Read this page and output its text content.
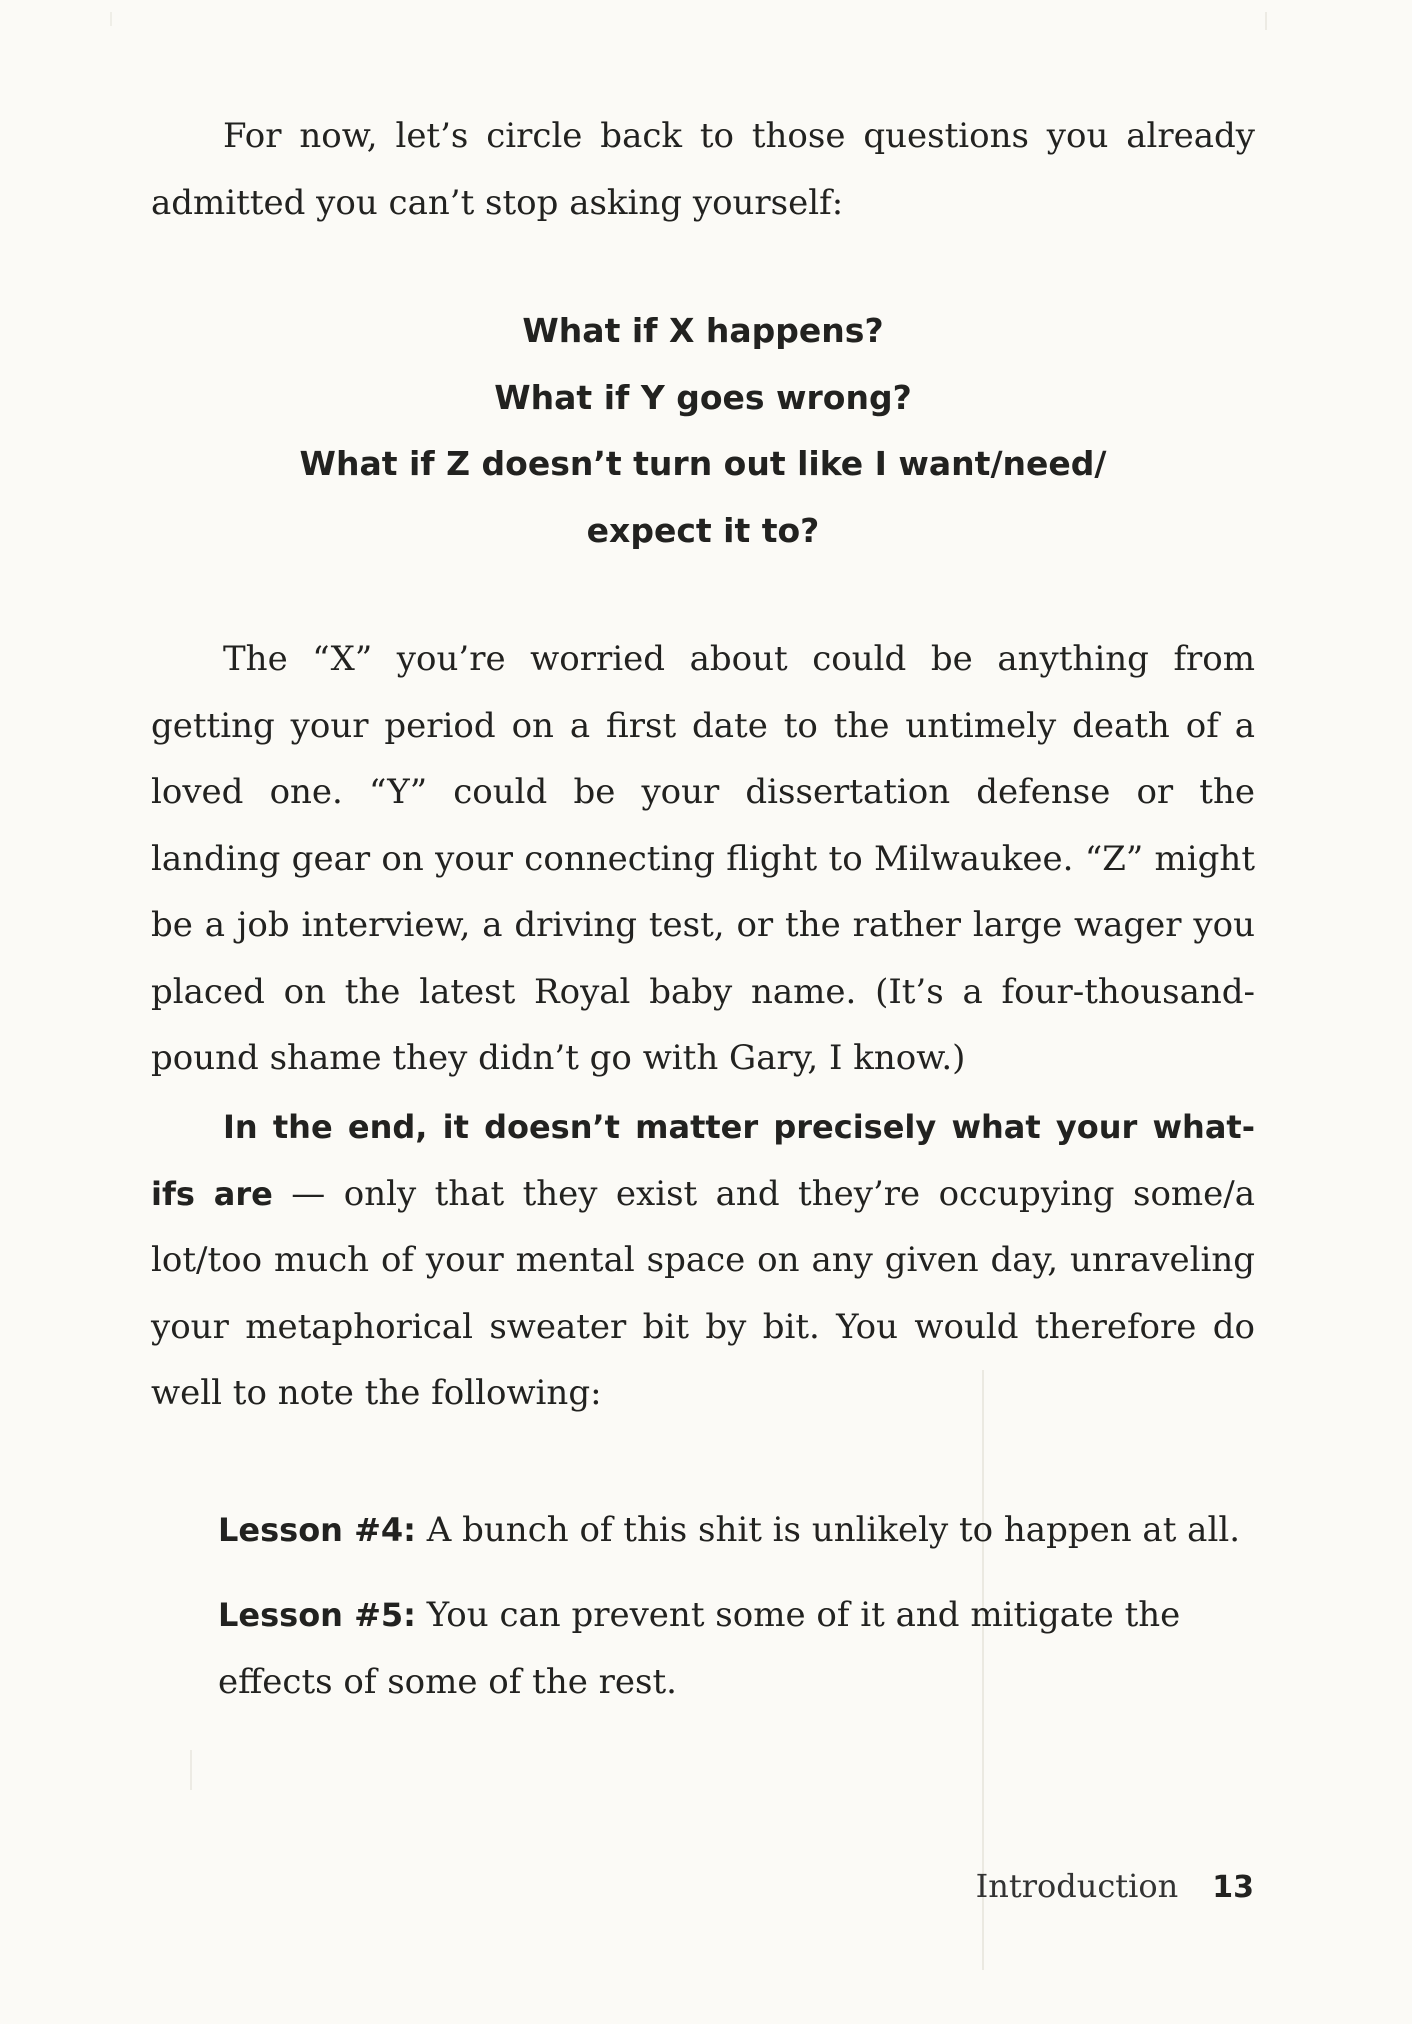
For now, let’s circle back to those questions you already admitted you can’t stop asking yourself:

What if X happens?
What if Y goes wrong?
What if Z doesn’t turn out like I want/need/
expect it to?

The “X” you’re worried about could be anything from getting your period on a first date to the untimely death of a loved one. “Y” could be your dissertation defense or the landing gear on your connecting flight to Milwaukee. “Z” might be a job interview, a driving test, or the rather large wager you placed on the latest Royal baby name. (It’s a four-thousand-pound shame they didn’t go with Gary, I know.)

In the end, it doesn’t matter precisely what your what-ifs are — only that they exist and they’re occupying some/a lot/too much of your mental space on any given day, unraveling your metaphorical sweater bit by bit. You would therefore do well to note the following:

Lesson #4: A bunch of this shit is unlikely to happen at all.

Lesson #5: You can prevent some of it and mitigate the effects of some of the rest.

Introduction 13
